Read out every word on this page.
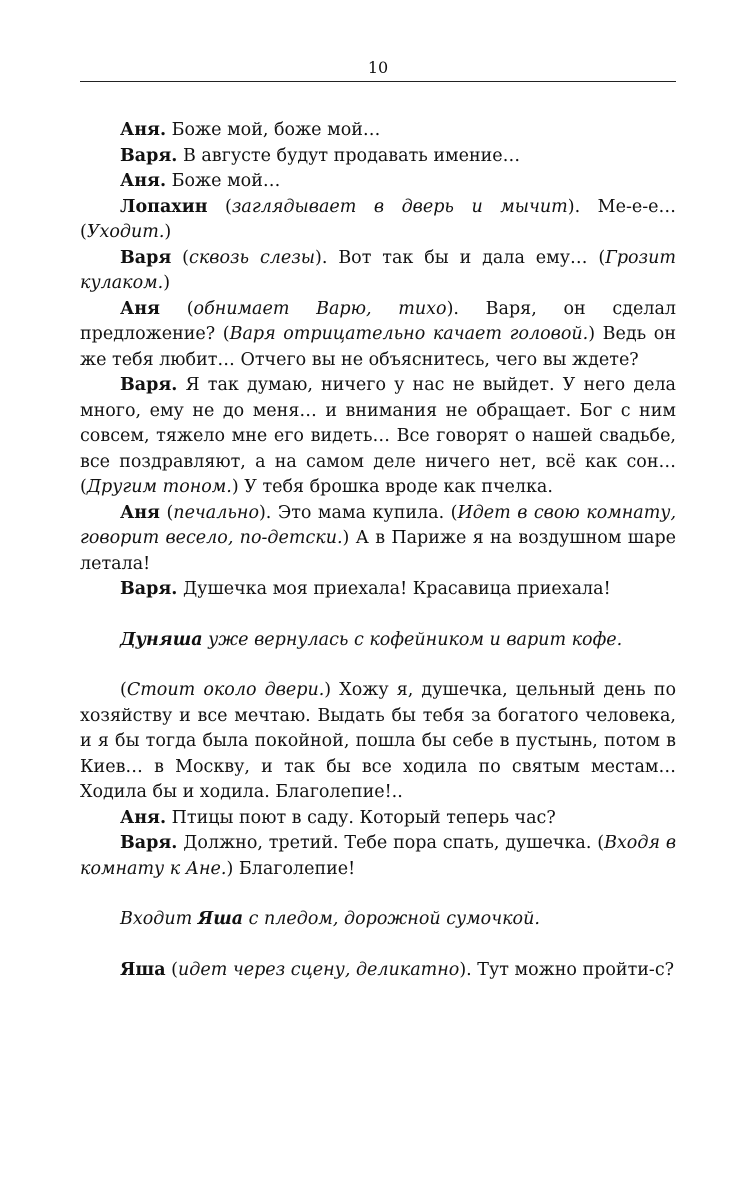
10

Аня. Боже мой, боже мой…

Варя. В августе будут продавать имение…

Аня. Боже мой…

Лопахин (заглядывает в дверь и мычит). Ме-е-е… (Уходит.)

Варя (сквозь слезы). Вот так бы и дала ему… (Грозит кулаком.)

Аня (обнимает Варю, тихо). Варя, он сделал предложение? (Варя отрицательно качает головой.) Ведь он же тебя любит… Отчего вы не объяснитесь, чего вы ждете?

Варя. Я так думаю, ничего у нас не выйдет. У него дела много, ему не до меня… и внимания не обращает. Бог с ним совсем, тяжело мне его видеть… Все говорят о нашей свадьбе, все поздравляют, а на самом деле ничего нет, всё как сон… (Другим тоном.) У тебя брошка вроде как пчелка.

Аня (печально). Это мама купила. (Идет в свою комнату, говорит весело, по-детски.) А в Париже я на воздушном шаре летала!

Варя. Душечка моя приехала! Красавица приехала!

Дуняша уже вернулась с кофейником и варит кофе.

(Стоит около двери.) Хожу я, душечка, цельный день по хозяйству и все мечтаю. Выдать бы тебя за богатого человека, и я бы тогда была покойной, пошла бы себе в пустынь, потом в Киев… в Москву, и так бы все ходила по святым местам… Ходила бы и ходила. Благолепие!..

Аня. Птицы поют в саду. Который теперь час?

Варя. Должно, третий. Тебе пора спать, душечка. (Входя в комнату к Ане.) Благолепие!

Входит Яша с пледом, дорожной сумочкой.

Яша (идет через сцену, деликатно). Тут можно пройти-с?
